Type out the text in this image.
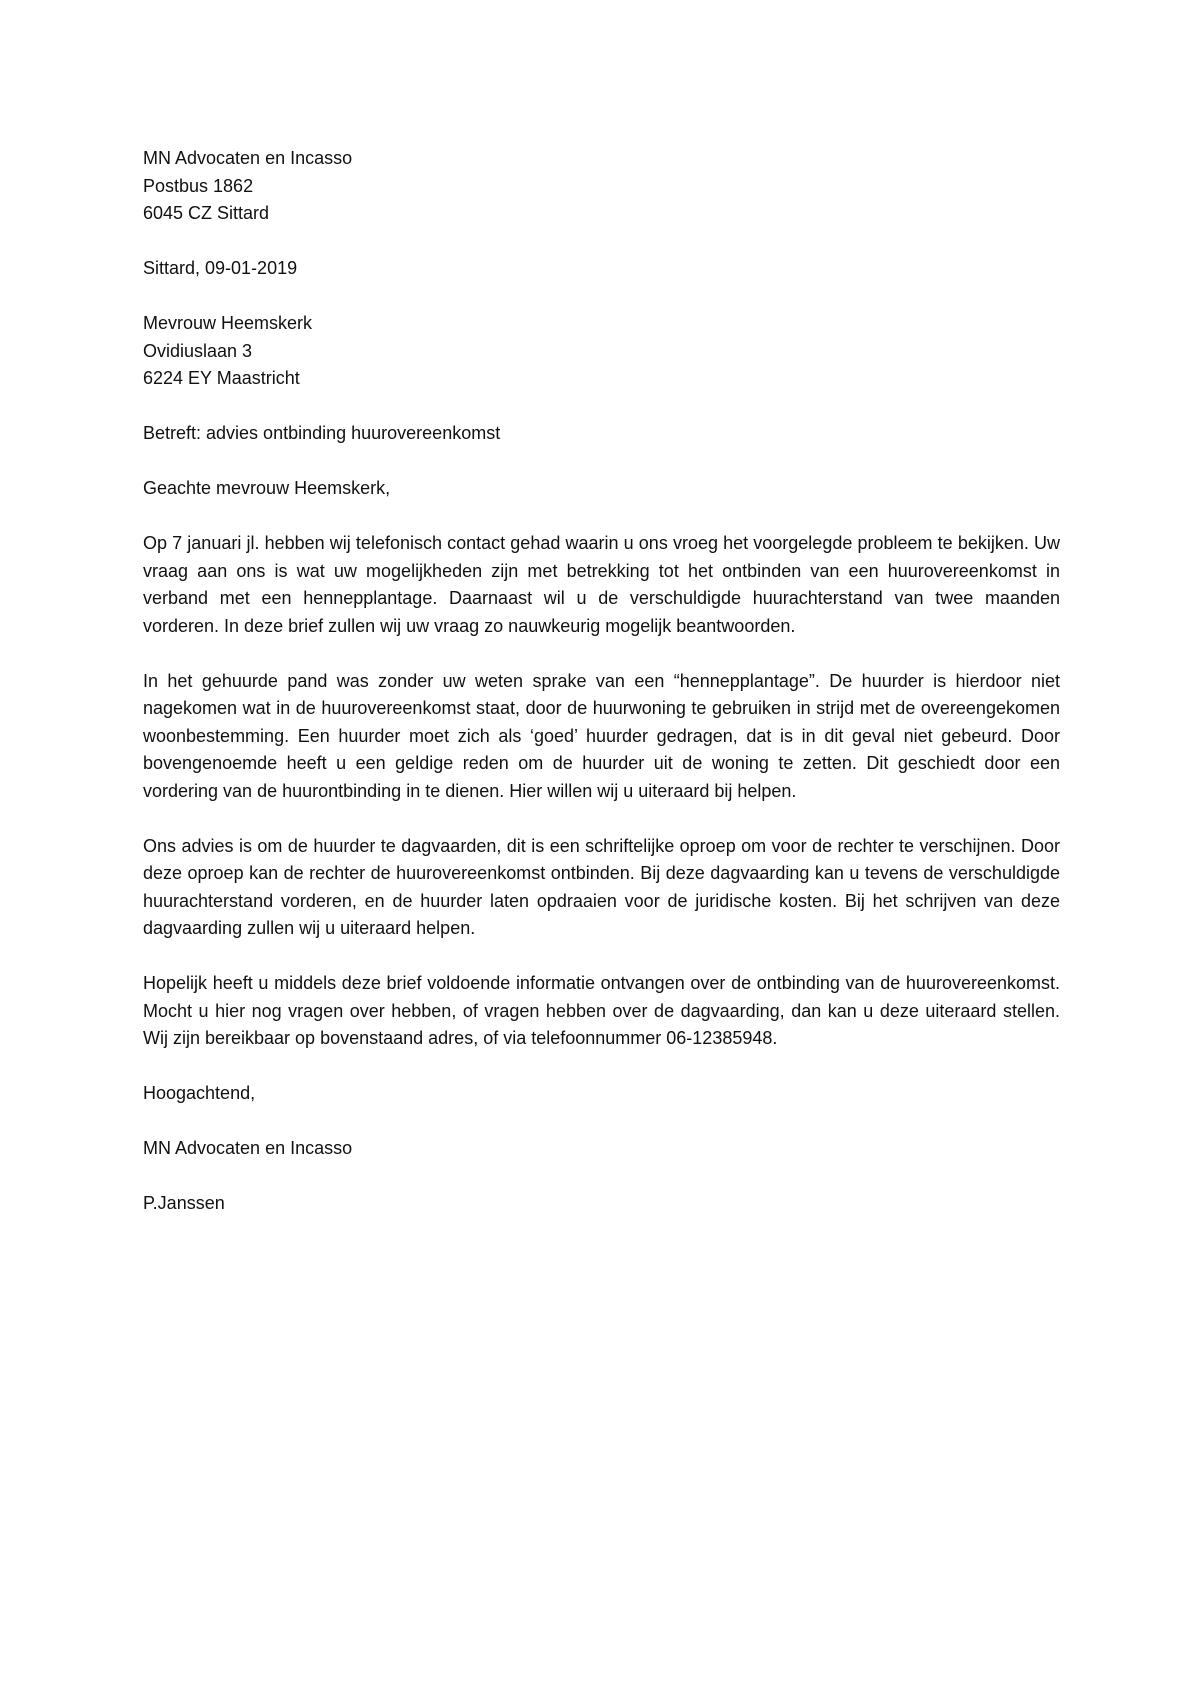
MN Advocaten en Incasso
Postbus 1862
6045 CZ Sittard
Sittard, 09-01-2019
Mevrouw Heemskerk
Ovidiuslaan 3
6224 EY Maastricht
Betreft: advies ontbinding huurovereenkomst
Geachte mevrouw Heemskerk,

Op 7 januari jl. hebben wij telefonisch contact gehad waarin u ons vroeg het voorgelegde probleem te bekijken. Uw vraag aan ons is wat uw mogelijkheden zijn met betrekking tot het ontbinden van een huurovereenkomst in verband met een hennepplantage. Daarnaast wil u de verschuldigde huurachterstand van twee maanden vorderen. In deze brief zullen wij uw vraag zo nauwkeurig mogelijk beantwoorden.

In het gehuurde pand was zonder uw weten sprake van een “hennepplantage”. De huurder is hierdoor niet nagekomen wat in de huurovereenkomst staat, door de huurwoning te gebruiken in strijd met de overeengekomen woonbestemming. Een huurder moet zich als ‘goed’ huurder gedragen, dat is in dit geval niet gebeurd. Door bovengenoemde heeft u een geldige reden om de huurder uit de woning te zetten. Dit geschiedt door een vordering van de huurontbinding in te dienen. Hier willen wij u uiteraard bij helpen.

Ons advies is om de huurder te dagvaarden, dit is een schriftelijke oproep om voor de rechter te verschijnen. Door deze oproep kan de rechter de huurovereenkomst ontbinden. Bij deze dagvaarding kan u tevens de verschuldigde huurachterstand vorderen, en de huurder laten opdraaien voor de juridische kosten. Bij het schrijven van deze dagvaarding zullen wij u uiteraard helpen.

Hopelijk heeft u middels deze brief voldoende informatie ontvangen over de ontbinding van de huurovereenkomst. Mocht u hier nog vragen over hebben, of vragen hebben over de dagvaarding, dan kan u deze uiteraard stellen. Wij zijn bereikbaar op bovenstaand adres, of via telefoonnummer 06-12385948.

Hoogachtend,
MN Advocaten en Incasso
P.Janssen
